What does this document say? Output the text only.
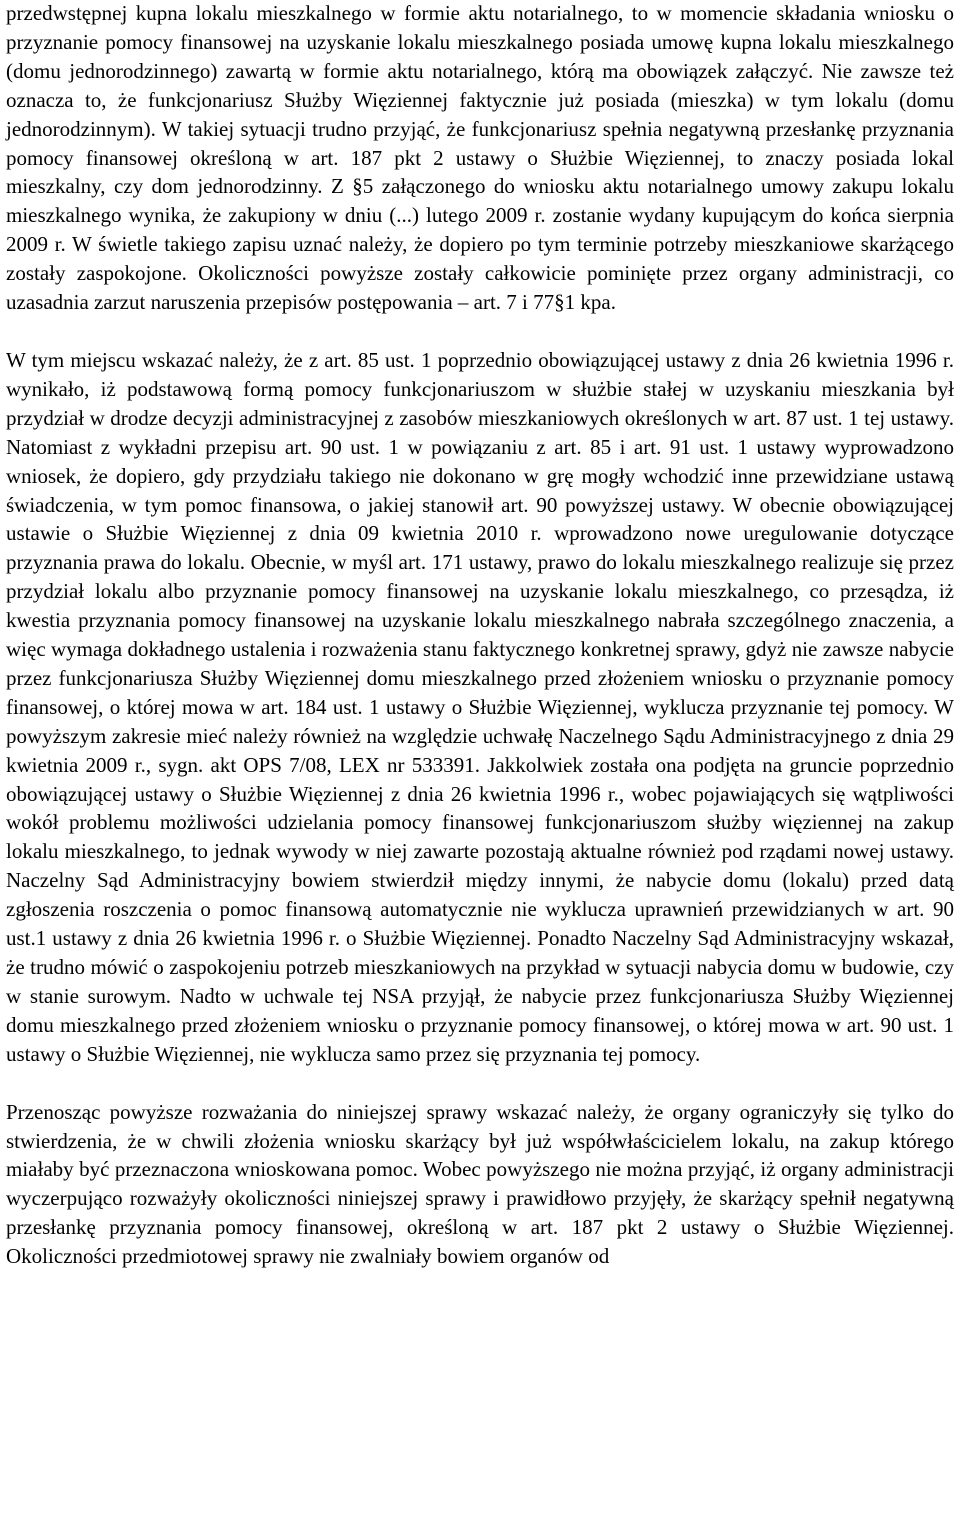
przedwstępnej kupna lokalu mieszkalnego w formie aktu notarialnego, to w momencie składania wniosku o przyznanie pomocy finansowej na uzyskanie lokalu mieszkalnego posiada umowę kupna lokalu mieszkalnego (domu jednorodzinnego) zawartą w formie aktu notarialnego, którą ma obowiązek załączyć. Nie zawsze też oznacza to, że funkcjonariusz Służby Więziennej faktycznie już posiada (mieszka) w tym lokalu (domu jednorodzinnym). W takiej sytuacji trudno przyjąć, że funkcjonariusz spełnia negatywną przesłankę przyznania pomocy finansowej określoną w art. 187 pkt 2 ustawy o Służbie Więziennej, to znaczy posiada lokal mieszkalny, czy dom jednorodzinny. Z §5 załączonego do wniosku aktu notarialnego umowy zakupu lokalu mieszkalnego wynika, że zakupiony w dniu (...) lutego 2009 r. zostanie wydany kupującym do końca sierpnia 2009 r. W świetle takiego zapisu uznać należy, że dopiero po tym terminie potrzeby mieszkaniowe skarżącego zostały zaspokojone. Okoliczności powyższe zostały całkowicie pominięte przez organy administracji, co uzasadnia zarzut naruszenia przepisów postępowania – art. 7 i 77§1 kpa.

W tym miejscu wskazać należy, że z art. 85 ust. 1 poprzednio obowiązującej ustawy z dnia 26 kwietnia 1996 r. wynikało, iż podstawową formą pomocy funkcjonariuszom w służbie stałej w uzyskaniu mieszkania był przydział w drodze decyzji administracyjnej z zasobów mieszkaniowych określonych w art. 87 ust. 1 tej ustawy. Natomiast z wykładni przepisu art. 90 ust. 1 w powiązaniu z art. 85 i art. 91 ust. 1 ustawy wyprowadzono wniosek, że dopiero, gdy przydziału takiego nie dokonano w grę mogły wchodzić inne przewidziane ustawą świadczenia, w tym pomoc finansowa, o jakiej stanowił art. 90 powyższej ustawy. W obecnie obowiązującej ustawie o Służbie Więziennej z dnia 09 kwietnia 2010 r. wprowadzono nowe uregulowanie dotyczące przyznania prawa do lokalu. Obecnie, w myśl art. 171 ustawy, prawo do lokalu mieszkalnego realizuje się przez przydział lokalu albo przyznanie pomocy finansowej na uzyskanie lokalu mieszkalnego, co przesądza, iż kwestia przyznania pomocy finansowej na uzyskanie lokalu mieszkalnego nabrała szczególnego znaczenia, a więc wymaga dokładnego ustalenia i rozważenia stanu faktycznego konkretnej sprawy, gdyż nie zawsze nabycie przez funkcjonariusza Służby Więziennej domu mieszkalnego przed złożeniem wniosku o przyznanie pomocy finansowej, o której mowa w art. 184 ust. 1 ustawy o Służbie Więziennej, wyklucza przyznanie tej pomocy. W powyższym zakresie mieć należy również na względzie uchwałę Naczelnego Sądu Administracyjnego z dnia 29 kwietnia 2009 r., sygn. akt OPS 7/08, LEX nr 533391. Jakkolwiek została ona podjęta na gruncie poprzednio obowiązującej ustawy o Służbie Więziennej z dnia 26 kwietnia 1996 r., wobec pojawiających się wątpliwości wokół problemu możliwości udzielania pomocy finansowej funkcjonariuszom służby więziennej na zakup lokalu mieszkalnego, to jednak wywody w niej zawarte pozostają aktualne również pod rządami nowej ustawy. Naczelny Sąd Administracyjny bowiem stwierdził między innymi, że nabycie domu (lokalu) przed datą zgłoszenia roszczenia o pomoc finansową automatycznie nie wyklucza uprawnień przewidzianych w art. 90 ust.1 ustawy z dnia 26 kwietnia 1996 r. o Służbie Więziennej. Ponadto Naczelny Sąd Administracyjny wskazał, że trudno mówić o zaspokojeniu potrzeb mieszkaniowych na przykład w sytuacji nabycia domu w budowie, czy w stanie surowym. Nadto w uchwale tej NSA przyjął, że nabycie przez funkcjonariusza Służby Więziennej domu mieszkalnego przed złożeniem wniosku o przyznanie pomocy finansowej, o której mowa w art. 90 ust. 1 ustawy o Służbie Więziennej, nie wyklucza samo przez się przyznania tej pomocy.

Przenosząc powyższe rozważania do niniejszej sprawy wskazać należy, że organy ograniczyły się tylko do stwierdzenia, że w chwili złożenia wniosku skarżący był już współwłaścicielem lokalu, na zakup którego miałaby być przeznaczona wnioskowana pomoc. Wobec powyższego nie można przyjąć, iż organy administracji wyczerpująco rozważyły okoliczności niniejszej sprawy i prawidłowo przyjęły, że skarżący spełnił negatywną przesłankę przyznania pomocy finansowej, określoną w art. 187 pkt 2 ustawy o Służbie Więziennej. Okoliczności przedmiotowej sprawy nie zwalniały bowiem organów od
